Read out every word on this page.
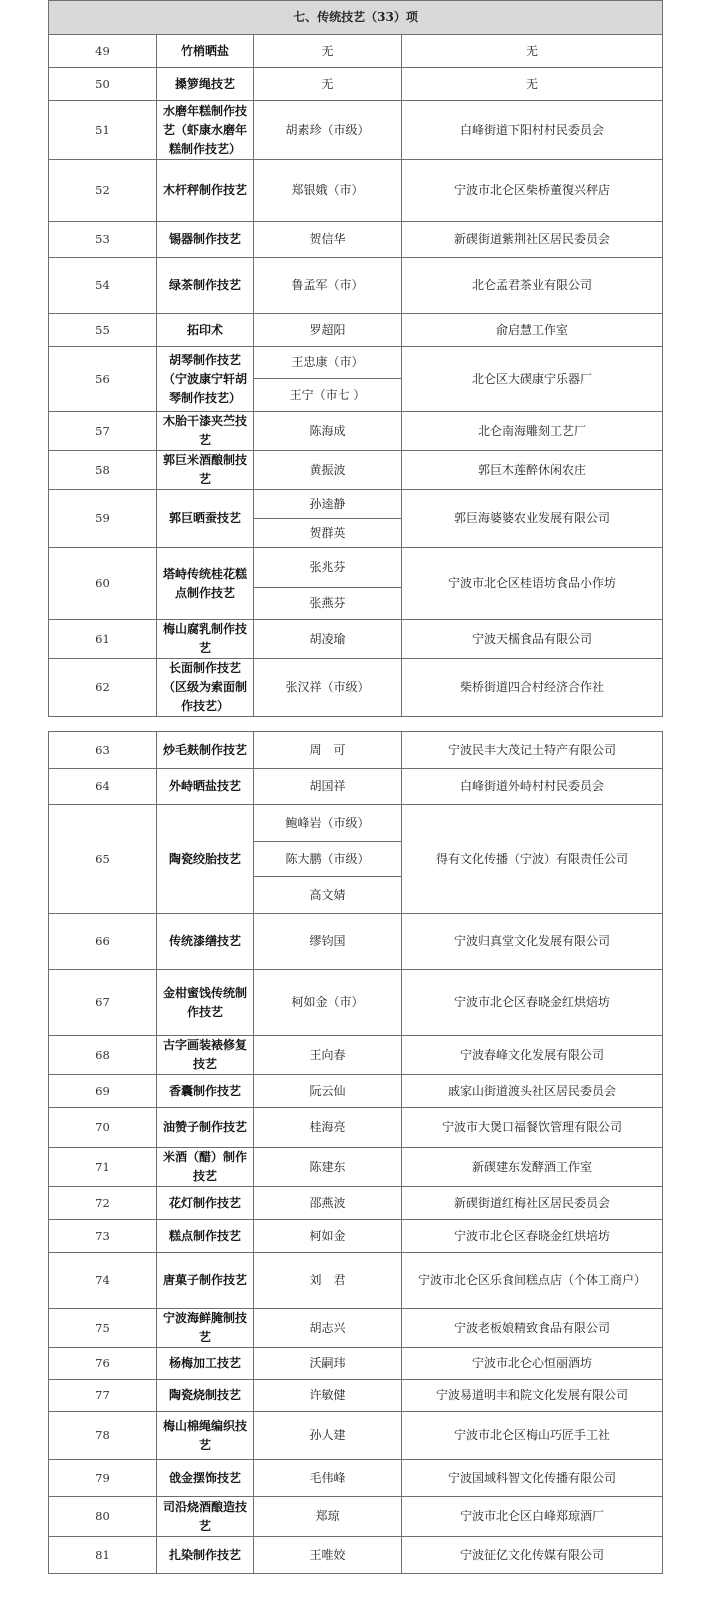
七、传统技艺（33）项			
49	竹梢晒盐	无	无
50	搡箩绳技艺	无	无
51	水磨年糕制作技艺（虾康水磨年糕制作技艺）	胡素珍（市级）	白峰街道下阳村村民委员会
52	木杆秤制作技艺	郑银娥（市）	宁波市北仑区柴桥董復兴秤店
53	锡器制作技艺	贺信华	新碶街道紫荆社区居民委员会
54	绿茶制作技艺	鲁孟军（市）	北仑孟君茶业有限公司
55	拓印术	罗超阳	俞启慧工作室
56	胡琴制作技艺（宁波康宁轩胡琴制作技艺）	王忠康（市）	北仑区大碶康宁乐器厂
		王宁（市七 ）	
57	木胎干漆夹苎技艺	陈海成	北仑南海雕刻工艺厂
58	郭巨米酒酿制技艺	黄振波	郭巨木莲醉休闲农庄
59	郭巨晒蚕技艺	孙逵静	郭巨海婆婆农业发展有限公司
		贺群英	
60	塔峙传统桂花糕点制作技艺	张兆芬	宁波市北仑区桂语坊食品小作坊
		张燕芬	
61	梅山腐乳制作技艺	胡凌瑜	宁波天檽食品有限公司
62	长面制作技艺（区级为索面制作技艺）	张汉祥（市级）	柴桥街道四合村经济合作社
63	炒毛麸制作技艺	周　可	宁波民丰大茂记土特产有限公司
64	外峙晒盐技艺	胡国祥	白峰街道外峙村村民委员会
65	陶瓷绞胎技艺	鲍峰岩（市级）	得有文化传播（宁波）有限责任公司
		陈大鹏（市级）	
		高文婧	
66	传统漆缮技艺	缪钧国	宁波归真堂文化发展有限公司
67	金柑蜜饯传统制作技艺	柯如金（市）	宁波市北仑区春晓金红烘焙坊
68	古字画装裱修复技艺	王向春	宁波春峰文化发展有限公司
69	香囊制作技艺	阮云仙	戚家山街道渡头社区居民委员会
70	油赞子制作技艺	桂海亮	宁波市大煲口福餐饮管理有限公司
71	米酒（醋）制作技艺	陈建东	新碶建东发酵酒工作室
72	花灯制作技艺	邵燕波	新碶街道红梅社区居民委员会
73	糕点制作技艺	柯如金	宁波市北仑区春晓金红烘培坊
74	唐菓子制作技艺	刘　君	宁波市北仑区乐食间糕点店（个体工商户）
75	宁波海鲜腌制技艺	胡志兴	宁波老板娘精致食品有限公司
76	杨梅加工技艺	沃嗣玮	宁波市北仑心恒丽酒坊
77	陶瓷烧制技艺	许敏健	宁波易道明丰和院文化发展有限公司
78	梅山棉绳编织技艺	孙人建	宁波市北仑区梅山巧匠手工社
79	戗金摆饰技艺	毛伟峰	宁波国域科智文化传播有限公司
80	司沿烧酒酿造技艺	郑琼	宁波市北仑区白峰郑琼酒厂
81	扎染制作技艺	王唯姣	宁波征亿文化传媒有限公司
